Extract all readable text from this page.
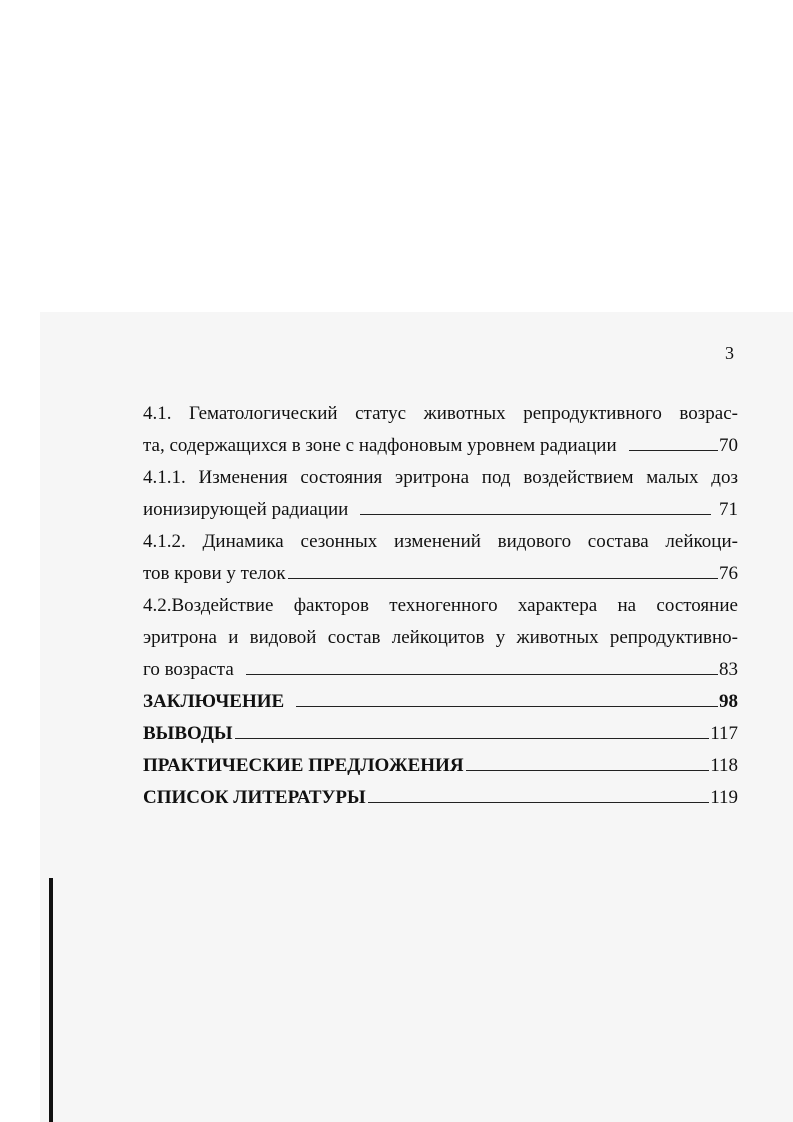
3
4.1. Гематологический статус животных репродуктивного возрас-
та, содержащихся в зоне с надфоновым уровнем радиации	70
4.1.1. Изменения состояния эритрона под воздействием малых доз
ионизирующей радиации	71
4.1.2. Динамика сезонных изменений видового состава лейкоци-
тов крови у телок	76
4.2.Воздействие факторов техногенного характера на состояние
эритрона и видовой состав лейкоцитов у животных репродуктивно-
го возраста	83
ЗАКЛЮЧЕНИЕ	98
ВЫВОДЫ	117
ПРАКТИЧЕСКИЕ ПРЕДЛОЖЕНИЯ	118
СПИСОК ЛИТЕРАТУРЫ	119
